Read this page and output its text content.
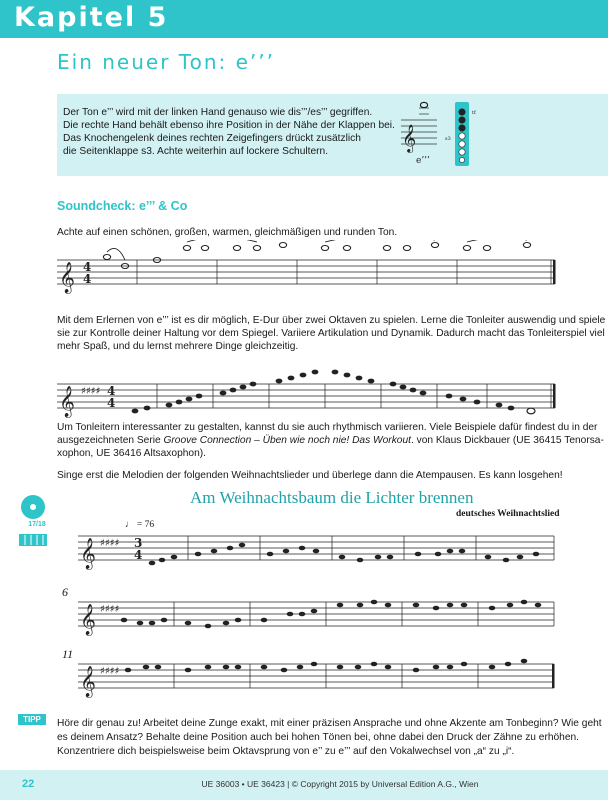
Kapitel 5
Ein neuer Ton: e’’’
Der Ton e’’’ wird mit der linken Hand genauso wie dis’’’/es’’’ gegriffen.
Die rechte Hand behält ebenso ihre Position in der Nähe der Klappen bei.
Das Knochengelenk deines rechten Zeigefingers drückt zusätzlich
die Seitenklappe s3. Achte weiterhin auf lockere Schultern.	𝄞
e’’’
s3
tf
Soundcheck: e’’’ & Co
Achte auf einen schönen, großen, warmen, gleichmäßigen und runden Ton.
𝄞 4
4
Mit dem Erlernen von e’’’ ist es dir möglich, E-Dur über zwei Oktaven zu spielen. Lerne die Tonleiter auswendig und spiele
sie zur Kontrolle deiner Haltung vor dem Spiegel. Variiere Artikulation und Dynamik. Dadurch macht das Tonleiterspiel viel
mehr Spaß, und du lernst mehrere Dinge gleichzeitig.
𝄞 ♯♯♯♯ 4
4
Um Tonleitern interessanter zu gestalten, kannst du sie auch rhythmisch variieren. Viele Beispiele dafür findest du in der
ausgezeichneten Serie Groove Connection – Üben wie noch nie! Das Workout. von Klaus Dickbauer (UE 36415 Tenorsa-
xophon, UE 36416 Altsaxophon).
Singe erst die Melodien der folgenden Weihnachtslieder und überlege dann die Atempausen. Es kann losgehen!
17/18
Am Weihnachtsbaum die Lichter brennen
deutsches Weihnachtslied
♩ = 76
𝄞
𝄞
𝄞
♯♯♯♯
♯♯♯♯
♯♯♯♯
3
4
6
11
TIPP	Höre dir genau zu! Arbeitet deine Zunge exakt, mit einer präzisen Ansprache und ohne Akzente am Tonbeginn? Wie geht
es deinem Ansatz? Behalte deine Position auch bei hohen Tönen bei, ohne dabei den Druck der Zähne zu erhöhen.
Konzentriere dich beispielsweise beim Oktavsprung von e’’ zu e’’’ auf den Vokalwechsel von „a“ zu „i“.
22	UE 36003 • UE 36423 | © Copyright 2015 by Universal Edition A.G., Wien
